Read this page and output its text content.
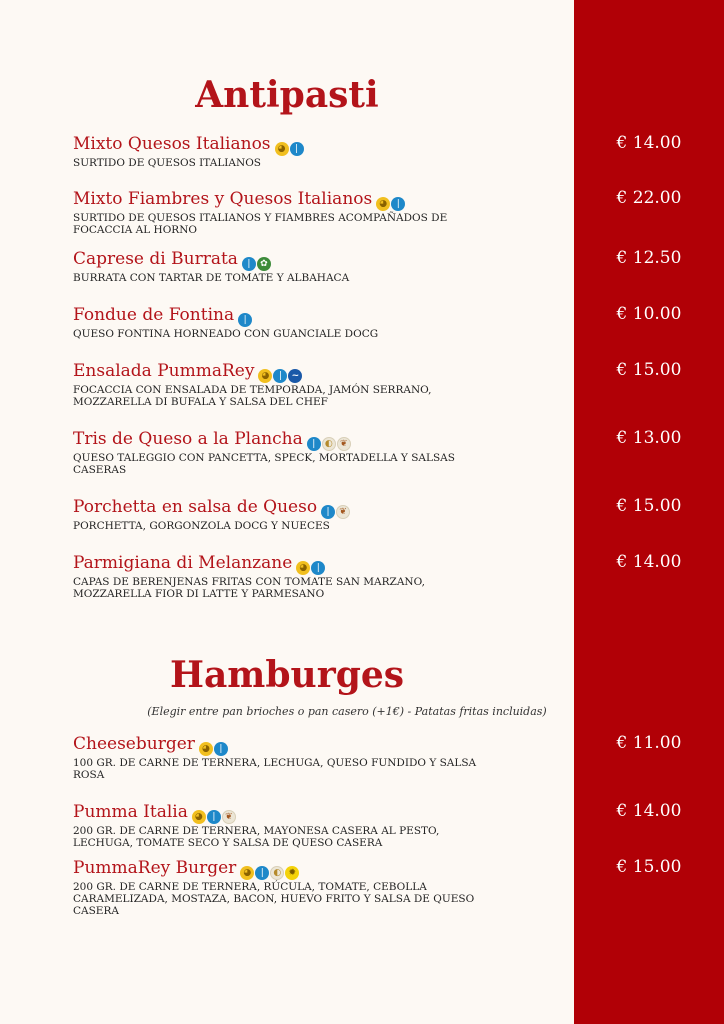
Antipasti
Mixto Quesos Italianos ◕ ❘
SURTIDO DE QUESOS ITALIANOS
€ 14.00
Mixto Fiambres y Quesos Italianos ◕ ❘
SURTIDO DE QUESOS ITALIANOS Y FIAMBRES ACOMPAÑADOS DE FOCACCIA AL HORNO
€ 22.00
Caprese di Burrata ❘ ✿
BURRATA CON TARTAR DE TOMATE Y ALBAHACA
€ 12.50
Fondue de Fontina ❘
QUESO FONTINA HORNEADO CON GUANCIALE DOCG
€ 10.00
Ensalada PummaRey ◕ ❘ ~
FOCACCIA CON ENSALADA DE TEMPORADA, JAMÓN SERRANO, MOZZARELLA DI BUFALA Y SALSA DEL CHEF
€ 15.00
Tris de Queso a la Plancha ❘ ◐ ❦
QUESO TALEGGIO CON PANCETTA, SPECK, MORTADELLA Y SALSAS CASERAS
€ 13.00
Porchetta en salsa de Queso ❘ ❦
PORCHETTA, GORGONZOLA DOCG Y NUECES
€ 15.00
Parmigiana di Melanzane ◕ ❘
CAPAS DE BERENJENAS FRITAS CON TOMATE SAN MARZANO, MOZZARELLA FIOR DI LATTE Y PARMESANO
€ 14.00
Hamburges

(Elegir entre pan brioches o pan casero (+1€) - Patatas fritas incluidas)

Cheeseburger ◕ ❘
100 GR. DE CARNE DE TERNERA, LECHUGA, QUESO FUNDIDO Y SALSA ROSA
€ 11.00
Pumma Italia ◕ ❘ ❦
200 GR. DE CARNE DE TERNERA, MAYONESA CASERA AL PESTO, LECHUGA, TOMATE SECO Y SALSA DE QUESO CASERA
€ 14.00
PummaRey Burger ◕ ❘ ◐ ✹
200 GR. DE CARNE DE TERNERA, RÚCULA, TOMATE, CEBOLLA CARAMELIZADA, MOSTAZA, BACON, HUEVO FRITO Y SALSA DE QUESO CASERA
€ 15.00
